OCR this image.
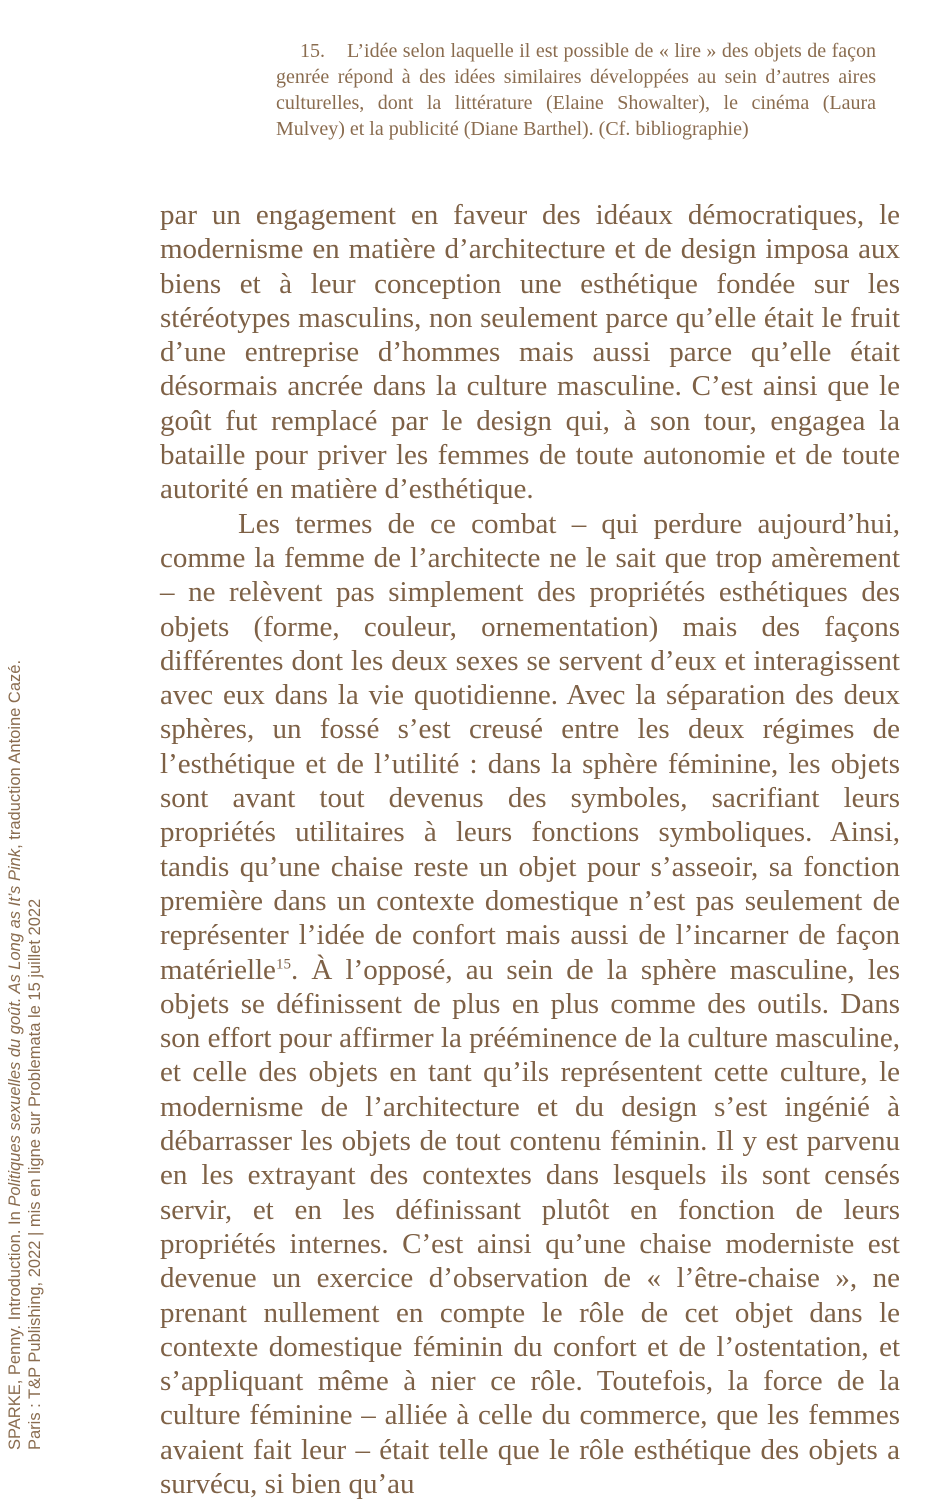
15. L’idée selon laquelle il est possible de « lire » des objets de façon genrée répond à des idées similaires développées au sein d’autres aires culturelles, dont la littérature (Elaine Showalter), le cinéma (Laura Mulvey) et la publicité (Diane Barthel). (Cf. bibliographie)

par un engagement en faveur des idéaux démocratiques, le modernisme en matière d’architecture et de design imposa aux biens et à leur conception une esthétique fondée sur les stéréotypes masculins, non seulement parce qu’elle était le fruit d’une entreprise d’hommes mais aussi parce qu’elle était désormais ancrée dans la culture masculine. C’est ainsi que le goût fut remplacé par le design qui, à son tour, engagea la bataille pour priver les femmes de toute autonomie et de toute autorité en matière d’esthétique.

Les termes de ce combat – qui perdure aujourd’hui, comme la femme de l’architecte ne le sait que trop amèrement – ne relèvent pas simplement des propriétés esthétiques des objets (forme, couleur, ornementation) mais des façons différentes dont les deux sexes se servent d’eux et interagissent avec eux dans la vie quotidienne. Avec la séparation des deux sphères, un fossé s’est creusé entre les deux régimes de l’esthétique et de l’utilité : dans la sphère féminine, les objets sont avant tout devenus des symboles, sacrifiant leurs propriétés utilitaires à leurs fonctions symboliques. Ainsi, tandis qu’une chaise reste un objet pour s’asseoir, sa fonction première dans un contexte domestique n’est pas seulement de représenter l’idée de confort mais aussi de l’incarner de façon matérielle$^{15}$. À l’opposé, au sein de la sphère masculine, les objets se définissent de plus en plus comme des outils. Dans son effort pour affirmer la prééminence de la culture masculine, et celle des objets en tant qu’ils représentent cette culture, le modernisme de l’architecture et du design s’est ingénié à débarrasser les objets de tout contenu féminin. Il y est parvenu en les extrayant des contextes dans lesquels ils sont censés servir, et en les définissant plutôt en fonction de leurs propriétés internes. C’est ainsi qu’une chaise moderniste est devenue un exercice d’observation de « l’être-chaise », ne prenant nullement en compte le rôle de cet objet dans le contexte domestique féminin du confort et de l’ostentation, et s’appliquant même à nier ce rôle. Toutefois, la force de la culture féminine – alliée à celle du commerce, que les femmes avaient fait leur – était telle que le rôle esthétique des objets a survécu, si bien qu’au

SPARKE, Penny. Introduction. In Politiques sexuelles du goût. As Long as It’s Pink, traduction Antoine Cazé.
Paris : T&P Publishing, 2022 | mis en ligne sur Problemata le 15 juillet 2022
